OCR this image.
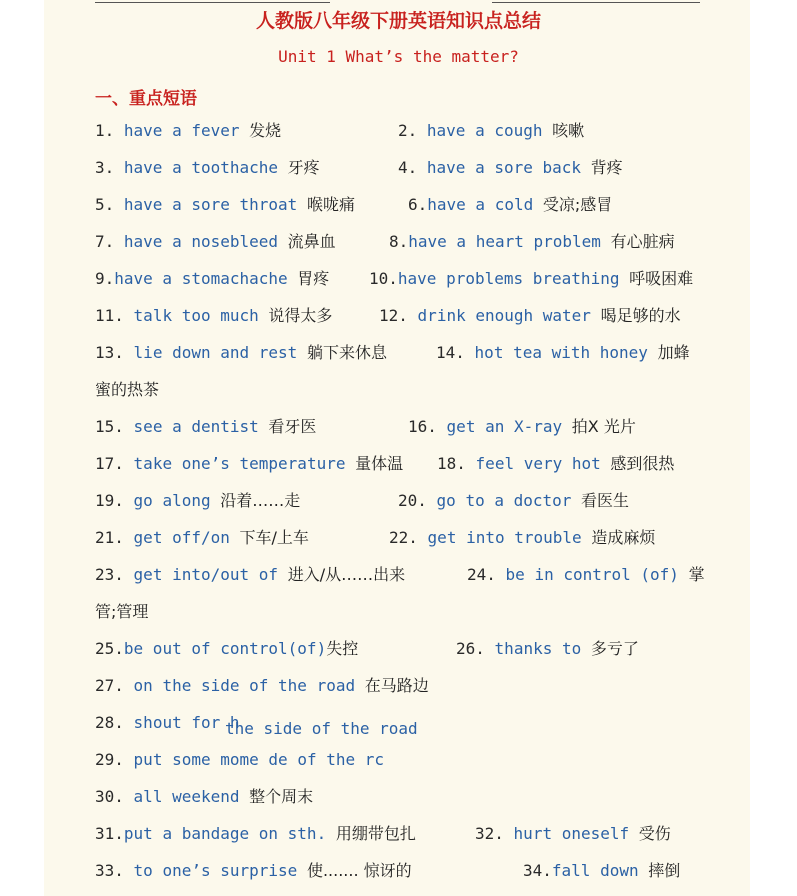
人教版八年级下册英语知识点总结
Unit 1 What’s the matter?
一、重点短语
1. have a fever 发烧	2. have a cough 咳嗽
3. have a toothache 牙疼	4. have a sore back 背疼
5. have a sore throat 喉咙痛	6.have a cold 受凉;感冒
7. have a nosebleed 流鼻血	8.have a heart problem 有心脏病
9.have a stomachache 胃疼 10.have problems breathing 呼吸困难
11. talk too much 说得太多	12. drink enough water 喝足够的水
13. lie down and rest 躺下来休息	14. hot tea with honey 加蜂
蜜的热茶
15. see a dentist 看牙医	16. get an X-ray 拍X 光片
17. take one’s temperature 量体温 18. feel very hot 感到很热
19. go along 沿着……走	20. go to a doctor 看医生
21. get off/on 下车/上车	22. get into trouble 造成麻烦
23. get into/out of 进入/从……出来	24. be in control (of) 掌
管;管理
25.be out of control(of)失控	26. thanks to 多亏了
27. on the side of the road 在马路边
28. shout for h
the side of the road
29. put some mome de of the rc
30. all weekend 整个周末
31.put a bandage on sth. 用绷带包扎	32. hurt oneself 受伤
33. to one’s surprise 使....... 惊讶的	34.fall down 摔倒
